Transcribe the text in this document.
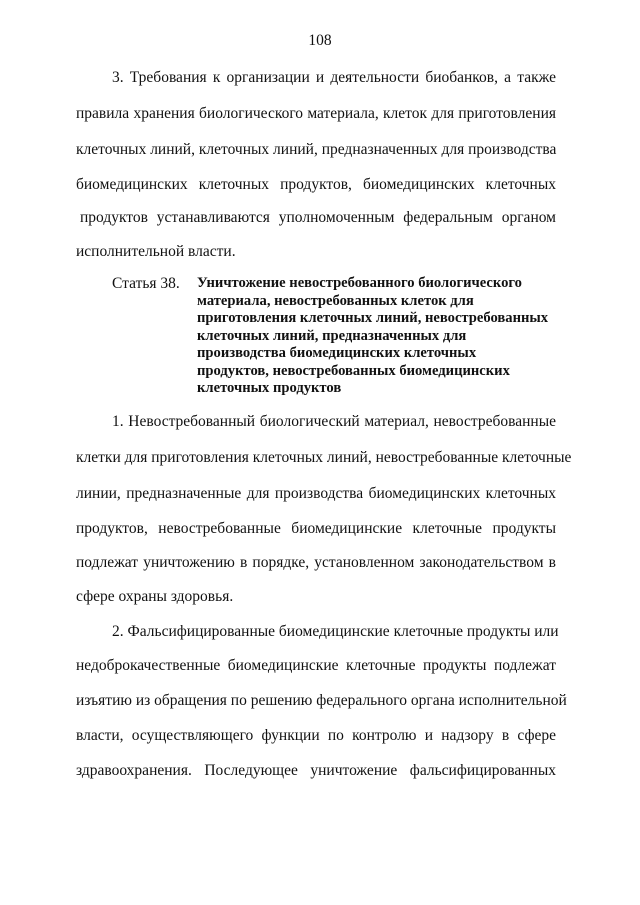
108
3. Требования к организации и деятельности биобанков, а также
правила хранения биологического материала, клеток для приготовления
клеточных линий, клеточных линий, предназначенных для производства
биомедицинских клеточных продуктов, биомедицинских клеточных
продуктов устанавливаются уполномоченным федеральным органом
исполнительной власти.
Статья 38. Уничтожение невостребованного биологического
материала, невостребованных клеток для
приготовления клеточных линий, невостребованных
клеточных линий, предназначенных для
производства биомедицинских клеточных
продуктов, невостребованных биомедицинских
клеточных продуктов
1. Невостребованный биологический материал, невостребованные
клетки для приготовления клеточных линий, невостребованные клеточные
линии, предназначенные для производства биомедицинских клеточных
продуктов, невостребованные биомедицинские клеточные продукты
подлежат уничтожению в порядке, установленном законодательством в
сфере охраны здоровья.
2. Фальсифицированные биомедицинские клеточные продукты или
недоброкачественные биомедицинские клеточные продукты подлежат
изъятию из обращения по решению федерального органа исполнительной
власти, осуществляющего функции по контролю и надзору в сфере
здравоохранения. Последующее уничтожение фальсифицированных
